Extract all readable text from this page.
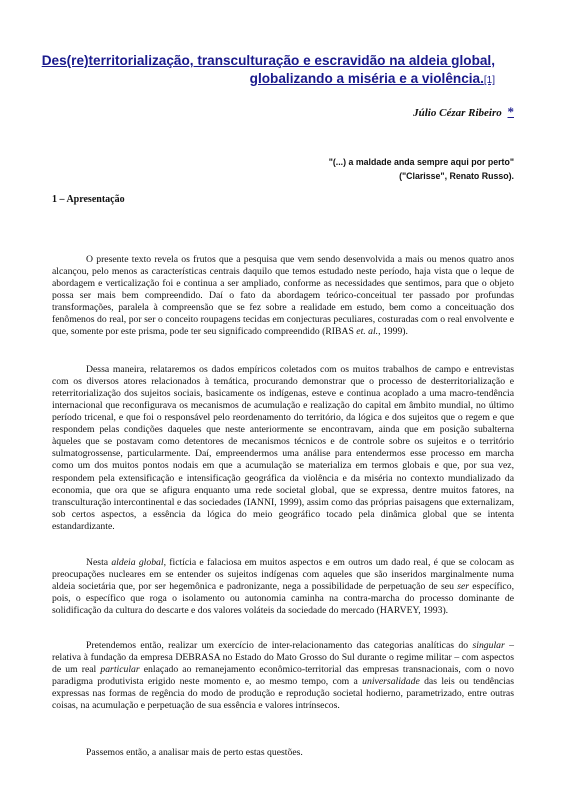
Des(re)territorialização, transculturação e escravidão na aldeia global,
globalizando a miséria e a violência.[1]
Júlio Cézar Ribeiro *
"(...) a maldade anda sempre aqui por perto"
("Clarisse", Renato Russo).
1 – Apresentação

O presente texto revela os frutos que a pesquisa que vem sendo desenvolvida a mais ou menos quatro anos alcançou, pelo menos as características centrais daquilo que temos estudado neste período, haja vista que o leque de abordagem e verticalização foi e continua a ser ampliado, conforme as necessidades que sentimos, para que o objeto possa ser mais bem compreendido. Daí o fato da abordagem teórico-conceitual ter passado por profundas transformações, paralela à compreensão que se fez sobre a realidade em estudo, bem como a conceituação dos fenômenos do real, por ser o conceito roupagens tecidas em conjecturas peculiares, costuradas com o real envolvente e que, somente por este prisma, pode ter seu significado compreendido (RIBAS et. al., 1999).

Dessa maneira, relataremos os dados empíricos coletados com os muitos trabalhos de campo e entrevistas com os diversos atores relacionados à temática, procurando demonstrar que o processo de desterritorialização e reterritorialização dos sujeitos sociais, basicamente os indígenas, esteve e continua acoplado a uma macro-tendência internacional que reconfigurava os mecanismos de acumulação e realização do capital em âmbito mundial, no último período tricenal, e que foi o responsável pelo reordenamento do território, da lógica e dos sujeitos que o regem e que respondem pelas condições daqueles que neste anteriormente se encontravam, ainda que em posição subalterna àqueles que se postavam como detentores de mecanismos técnicos e de controle sobre os sujeitos e o território sulmatogrossense, particularmente. Daí, empreendermos uma análise para entendermos esse processo em marcha como um dos muitos pontos nodais em que a acumulação se materializa em termos globais e que, por sua vez, respondem pela extensificação e intensificação geográfica da violência e da miséria no contexto mundializado da economia, que ora que se afigura enquanto uma rede societal global, que se expressa, dentre muitos fatores, na transculturação intercontinental e das sociedades (IANNI, 1999), assim como das próprias paisagens que externalizam, sob certos aspectos, a essência da lógica do meio geográfico tocado pela dinâmica global que se intenta estandardizante.

Nesta aldeia global, fictícia e falaciosa em muitos aspectos e em outros um dado real, é que se colocam as preocupações nucleares em se entender os sujeitos indígenas com aqueles que são inseridos marginalmente numa aldeia societária que, por ser hegemônica e padronizante, nega a possibilidade de perpetuação de seu ser específico, pois, o específico que roga o isolamento ou autonomia caminha na contra-marcha do processo dominante de solidificação da cultura do descarte e dos valores voláteis da sociedade do mercado (HARVEY, 1993).

Pretendemos então, realizar um exercício de inter-relacionamento das categorias analíticas do singular – relativa à fundação da empresa DEBRASA no Estado do Mato Grosso do Sul durante o regime militar – com aspectos de um real particular enlaçado ao remanejamento econômico-territorial das empresas transnacionais, com o novo paradigma produtivista erigido neste momento e, ao mesmo tempo, com a universalidade das leis ou tendências expressas nas formas de regência do modo de produção e reprodução societal hodierno, parametrizado, entre outras coisas, na acumulação e perpetuação de sua essência e valores intrínsecos.

Passemos então, a analisar mais de perto estas questões.
